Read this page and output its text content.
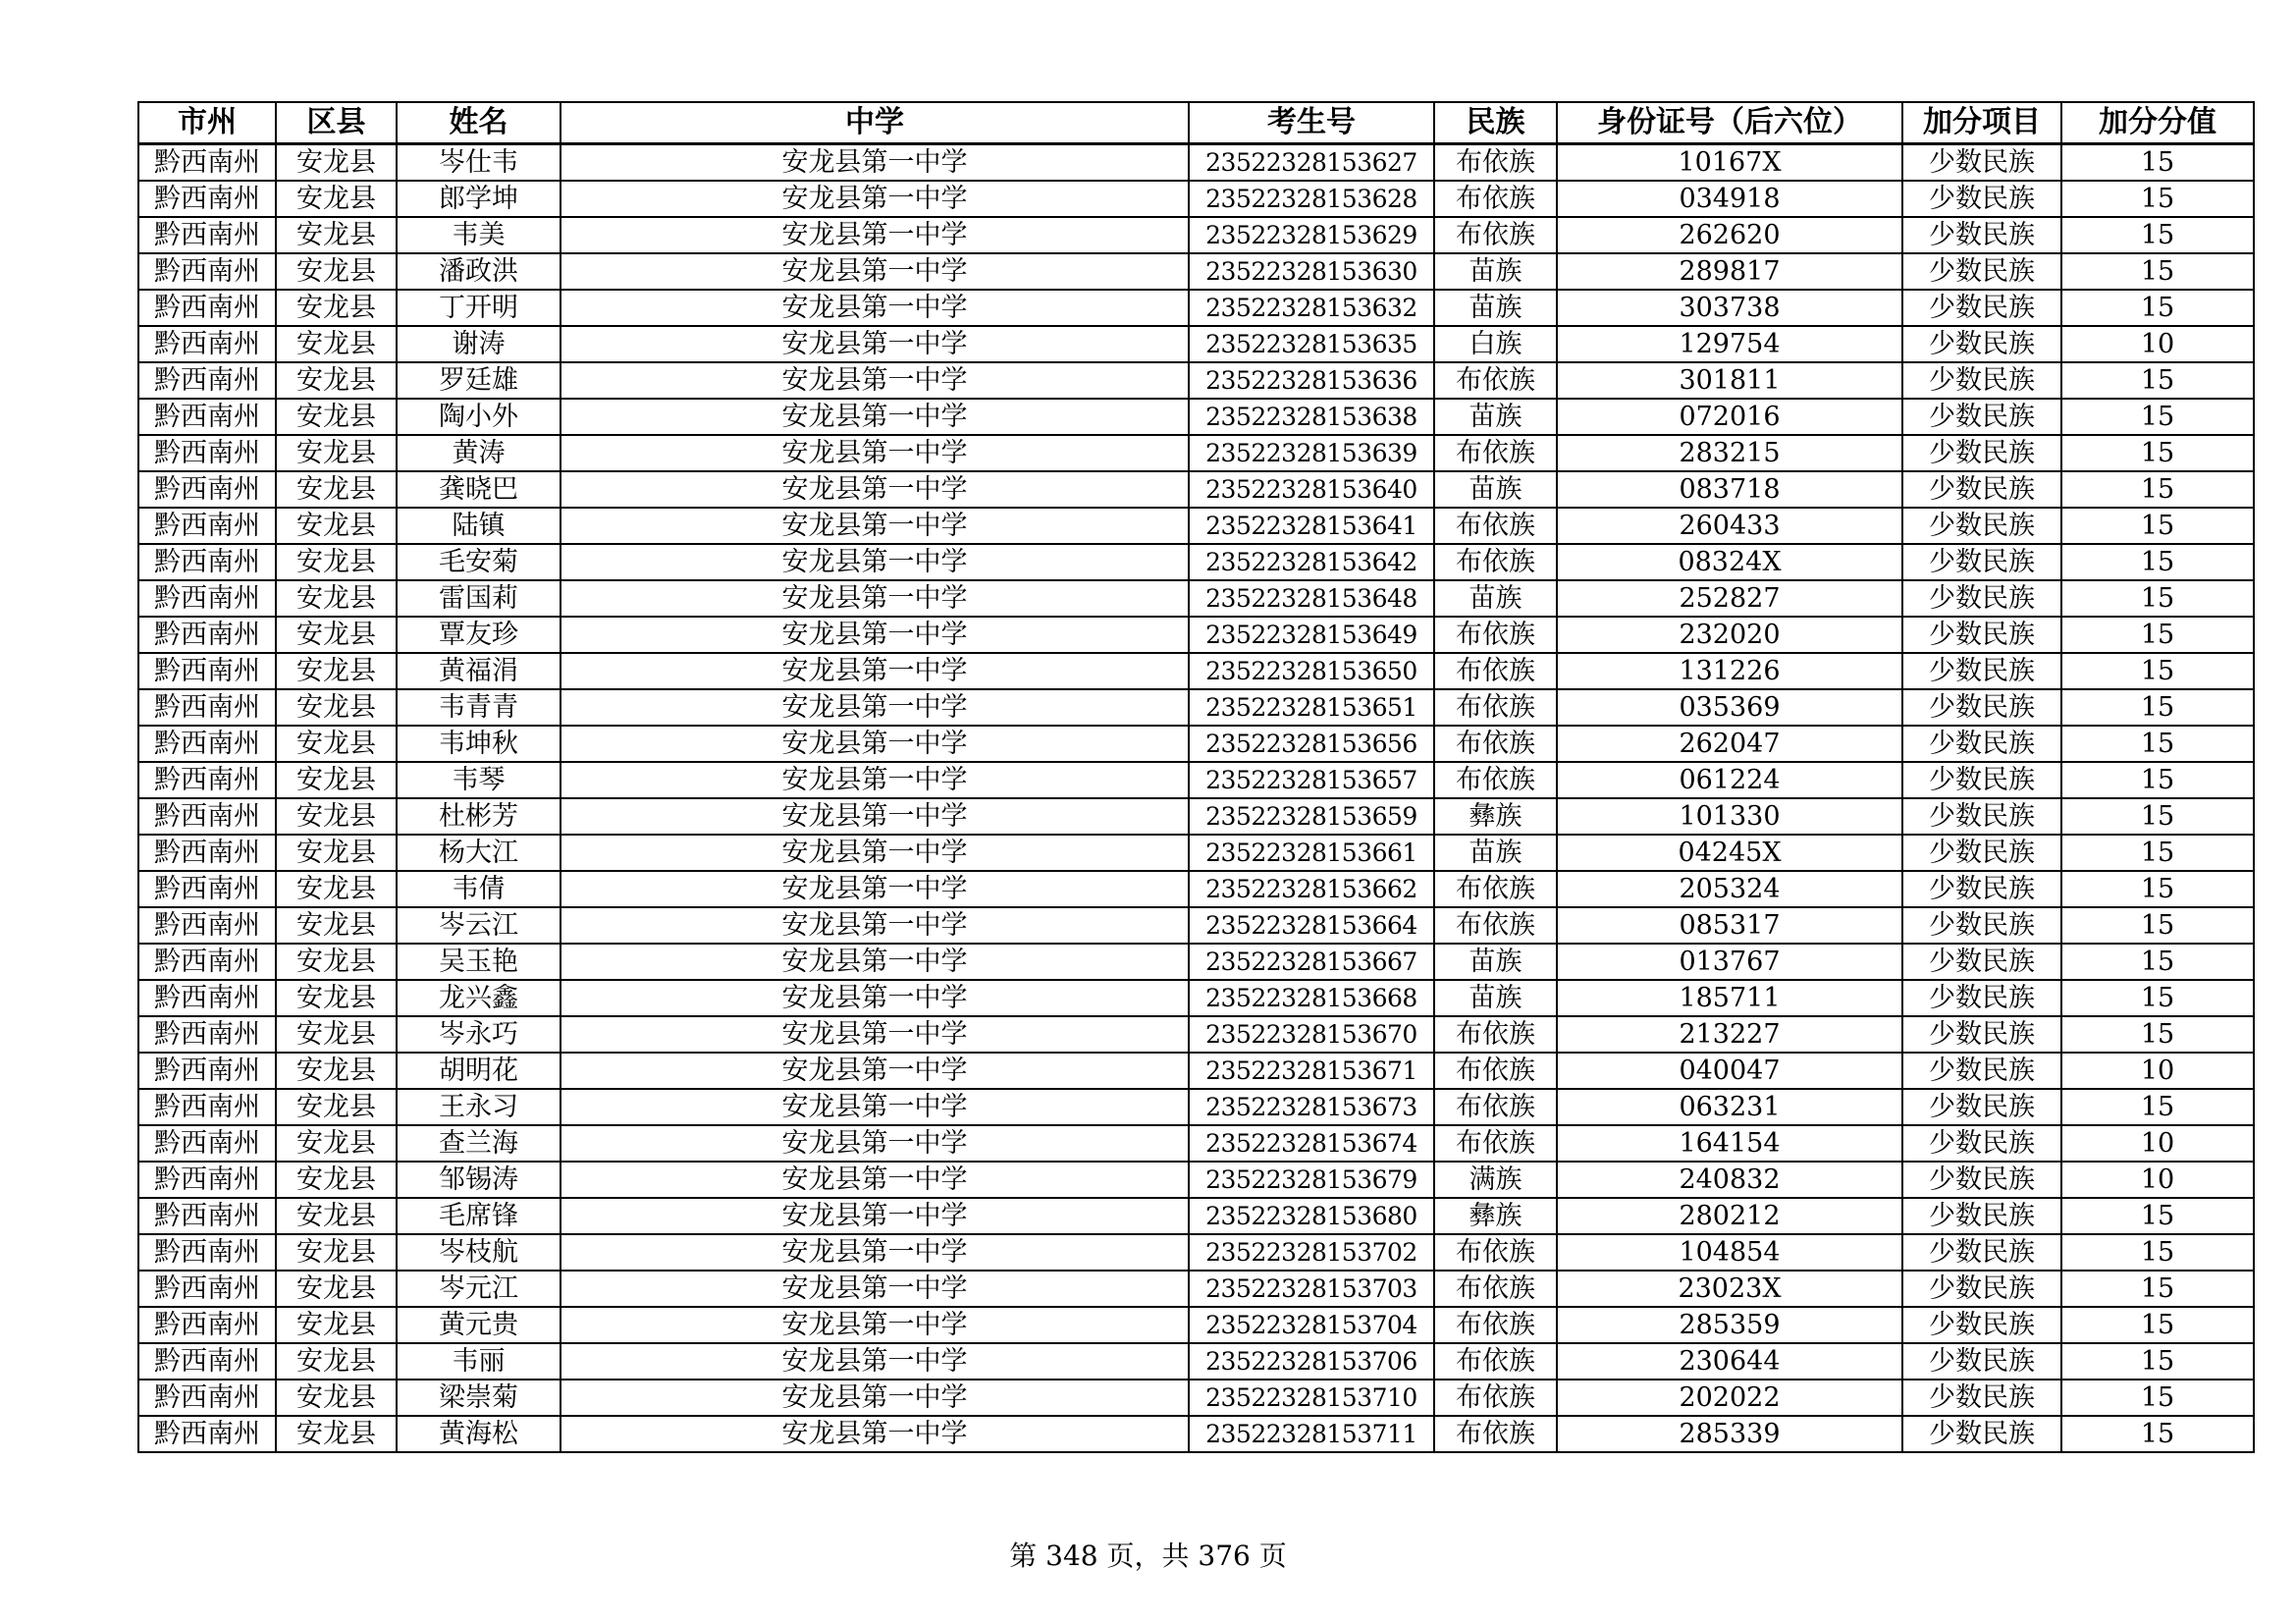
市州	区县	姓名	中学	考生号	民族	身份证号（后六位）	加分项目	加分分值
黔西南州	安龙县	岑仕韦	安龙县第一中学	23522328153627	布依族	10167X	少数民族	15
黔西南州	安龙县	郎学坤	安龙县第一中学	23522328153628	布依族	034918	少数民族	15
黔西南州	安龙县	韦美	安龙县第一中学	23522328153629	布依族	262620	少数民族	15
黔西南州	安龙县	潘政洪	安龙县第一中学	23522328153630	苗族	289817	少数民族	15
黔西南州	安龙县	丁开明	安龙县第一中学	23522328153632	苗族	303738	少数民族	15
黔西南州	安龙县	谢涛	安龙县第一中学	23522328153635	白族	129754	少数民族	10
黔西南州	安龙县	罗廷雄	安龙县第一中学	23522328153636	布依族	301811	少数民族	15
黔西南州	安龙县	陶小外	安龙县第一中学	23522328153638	苗族	072016	少数民族	15
黔西南州	安龙县	黄涛	安龙县第一中学	23522328153639	布依族	283215	少数民族	15
黔西南州	安龙县	龚晓巴	安龙县第一中学	23522328153640	苗族	083718	少数民族	15
黔西南州	安龙县	陆镇	安龙县第一中学	23522328153641	布依族	260433	少数民族	15
黔西南州	安龙县	毛安菊	安龙县第一中学	23522328153642	布依族	08324X	少数民族	15
黔西南州	安龙县	雷国莉	安龙县第一中学	23522328153648	苗族	252827	少数民族	15
黔西南州	安龙县	覃友珍	安龙县第一中学	23522328153649	布依族	232020	少数民族	15
黔西南州	安龙县	黄福涓	安龙县第一中学	23522328153650	布依族	131226	少数民族	15
黔西南州	安龙县	韦青青	安龙县第一中学	23522328153651	布依族	035369	少数民族	15
黔西南州	安龙县	韦坤秋	安龙县第一中学	23522328153656	布依族	262047	少数民族	15
黔西南州	安龙县	韦琴	安龙县第一中学	23522328153657	布依族	061224	少数民族	15
黔西南州	安龙县	杜彬芳	安龙县第一中学	23522328153659	彝族	101330	少数民族	15
黔西南州	安龙县	杨大江	安龙县第一中学	23522328153661	苗族	04245X	少数民族	15
黔西南州	安龙县	韦倩	安龙县第一中学	23522328153662	布依族	205324	少数民族	15
黔西南州	安龙县	岑云江	安龙县第一中学	23522328153664	布依族	085317	少数民族	15
黔西南州	安龙县	吴玉艳	安龙县第一中学	23522328153667	苗族	013767	少数民族	15
黔西南州	安龙县	龙兴鑫	安龙县第一中学	23522328153668	苗族	185711	少数民族	15
黔西南州	安龙县	岑永巧	安龙县第一中学	23522328153670	布依族	213227	少数民族	15
黔西南州	安龙县	胡明花	安龙县第一中学	23522328153671	布依族	040047	少数民族	10
黔西南州	安龙县	王永习	安龙县第一中学	23522328153673	布依族	063231	少数民族	15
黔西南州	安龙县	查兰海	安龙县第一中学	23522328153674	布依族	164154	少数民族	10
黔西南州	安龙县	邹锡涛	安龙县第一中学	23522328153679	满族	240832	少数民族	10
黔西南州	安龙县	毛席锋	安龙县第一中学	23522328153680	彝族	280212	少数民族	15
黔西南州	安龙县	岑枝航	安龙县第一中学	23522328153702	布依族	104854	少数民族	15
黔西南州	安龙县	岑元江	安龙县第一中学	23522328153703	布依族	23023X	少数民族	15
黔西南州	安龙县	黄元贵	安龙县第一中学	23522328153704	布依族	285359	少数民族	15
黔西南州	安龙县	韦丽	安龙县第一中学	23522328153706	布依族	230644	少数民族	15
黔西南州	安龙县	梁崇菊	安龙县第一中学	23522328153710	布依族	202022	少数民族	15
黔西南州	安龙县	黄海松	安龙县第一中学	23522328153711	布依族	285339	少数民族	15
第 348 页，共 376 页
